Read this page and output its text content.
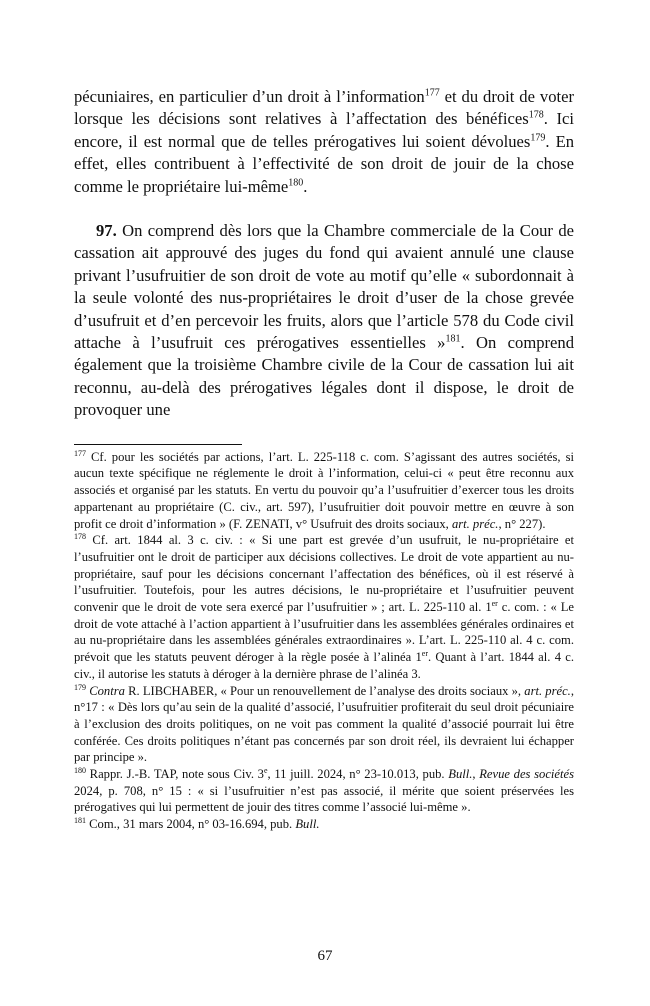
pécuniaires, en particulier d’un droit à l’information$^{177}$ et du droit de voter lorsque les décisions sont relatives à l’affectation des bénéfices$^{178}$. Ici encore, il est normal que de telles prérogatives lui soient dévolues$^{179}$. En effet, elles contribuent à l’effectivité de son droit de jouir de la chose comme le propriétaire lui-même$^{180}$.

97. On comprend dès lors que la Chambre commerciale de la Cour de cassation ait approuvé des juges du fond qui avaient annulé une clause privant l’usufruitier de son droit de vote au motif qu’elle « subordonnait à la seule volonté des nus-propriétaires le droit d’user de la chose grevée d’usufruit et d’en percevoir les fruits, alors que l’article 578 du Code civil attache à l’usufruit ces prérogatives essentielles »$^{181}$. On comprend également que la troisième Chambre civile de la Cour de cassation lui ait reconnu, au-delà des prérogatives légales dont il dispose, le droit de provoquer une

$^{177}$ Cf. pour les sociétés par actions, l’art. L. 225-118 c. com. S’agissant des autres sociétés, si aucun texte spécifique ne réglemente le droit à l’information, celui-ci « peut être reconnu aux associés et organisé par les statuts. En vertu du pouvoir qu’a l’usufruitier d’exercer tous les droits appartenant au propriétaire (C. civ., art. 597), l’usufruitier doit pouvoir mettre en œuvre à son profit ce droit d’information » (F. ZENATI, v° Usufruit des droits sociaux, art. préc., n° 227).

$^{178}$ Cf. art. 1844 al. 3 c. civ. : « Si une part est grevée d’un usufruit, le nu-propriétaire et l’usufruitier ont le droit de participer aux décisions collectives. Le droit de vote appartient au nu-propriétaire, sauf pour les décisions concernant l’affectation des bénéfices, où il est réservé à l’usufruitier. Toutefois, pour les autres décisions, le nu-propriétaire et l’usufruitier peuvent convenir que le droit de vote sera exercé par l’usufruitier » ; art. L. 225-110 al. 1er c. com. : « Le droit de vote attaché à l’action appartient à l’usufruitier dans les assemblées générales ordinaires et au nu-propriétaire dans les assemblées générales extraordinaires ». L’art. L. 225-110 al. 4 c. com. prévoit que les statuts peuvent déroger à la règle posée à l’alinéa 1er. Quant à l’art. 1844 al. 4 c. civ., il autorise les statuts à déroger à la dernière phrase de l’alinéa 3.

$^{179}$ Contra R. LIBCHABER, « Pour un renouvellement de l’analyse des droits sociaux », art. préc., n°17 : « Dès lors qu’au sein de la qualité d’associé, l’usufruitier profiterait du seul droit pécuniaire à l’exclusion des droits politiques, on ne voit pas comment la qualité d’associé pourrait lui être conférée. Ces droits politiques n’étant pas concernés par son droit réel, ils devraient lui échapper par principe ».

$^{180}$ Rappr. J.-B. TAP, note sous Civ. 3e, 11 juill. 2024, n° 23-10.013, pub. Bull., Revue des sociétés 2024, p. 708, n° 15 : « si l’usufruitier n’est pas associé, il mérite que soient préservées les prérogatives qui lui permettent de jouir des titres comme l’associé lui-même ».

$^{181}$ Com., 31 mars 2004, n° 03-16.694, pub. Bull.

67
